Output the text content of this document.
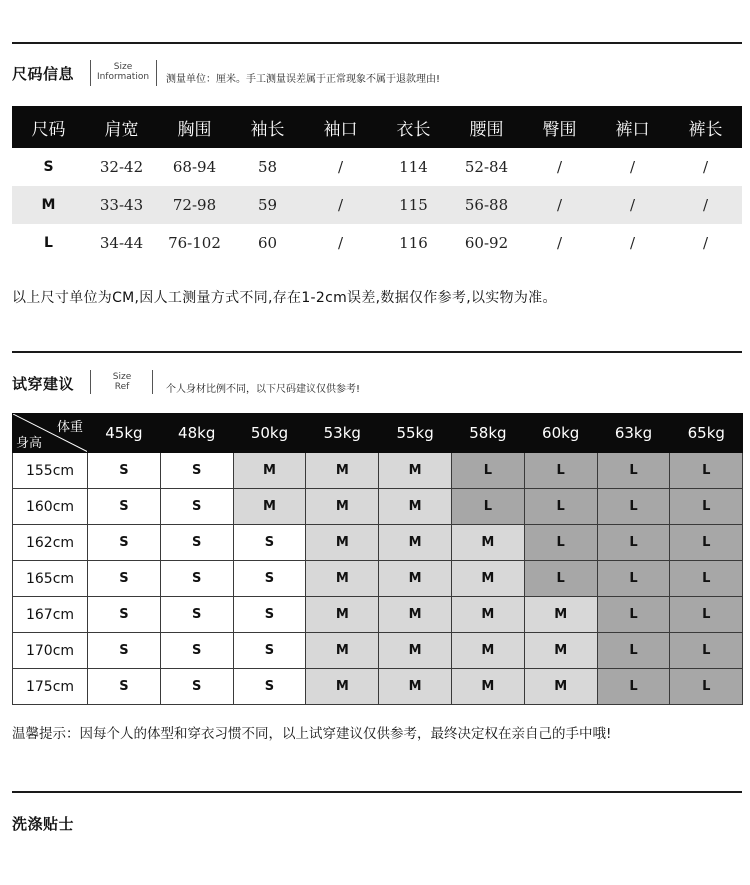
尺码信息	Size
Information 测量单位：厘米。手工测量误差属于正常现象不属于退款理由!
尺码	肩宽	胸围	袖长	袖口	衣长	腰围	臀围	裤口	裤长
S	32-42	68-94	58	/	114	52-84	/	/	/
M	33-43	72-98	59	/	115	56-88	/	/	/
L	34-44	76-102	60	/	116	60-92	/	/	/
以上尺寸单位为CM,因人工测量方式不同,存在1-2cm误差,数据仅作参考,以实物为准。
试穿建议	Size
Ref	个人身材比例不同，以下尺码建议仅供参考!
体重
身高	45kg	48kg	50kg	53kg	55kg	58kg	60kg	63kg	65kg
155cm	S	S	M	M	M	L	L	L	L
160cm	S	S	M	M	M	L	L	L	L
162cm	S	S	S	M	M	M	L	L	L
165cm	S	S	S	M	M	M	L	L	L
167cm	S	S	S	M	M	M	M	L	L
170cm	S	S	S	M	M	M	M	L	L
175cm	S	S	S	M	M	M	M	L	L
温馨提示：因每个人的体型和穿衣习惯不同，以上试穿建议仅供参考，最终决定权在亲自己的手中哦!
洗涤贴士
